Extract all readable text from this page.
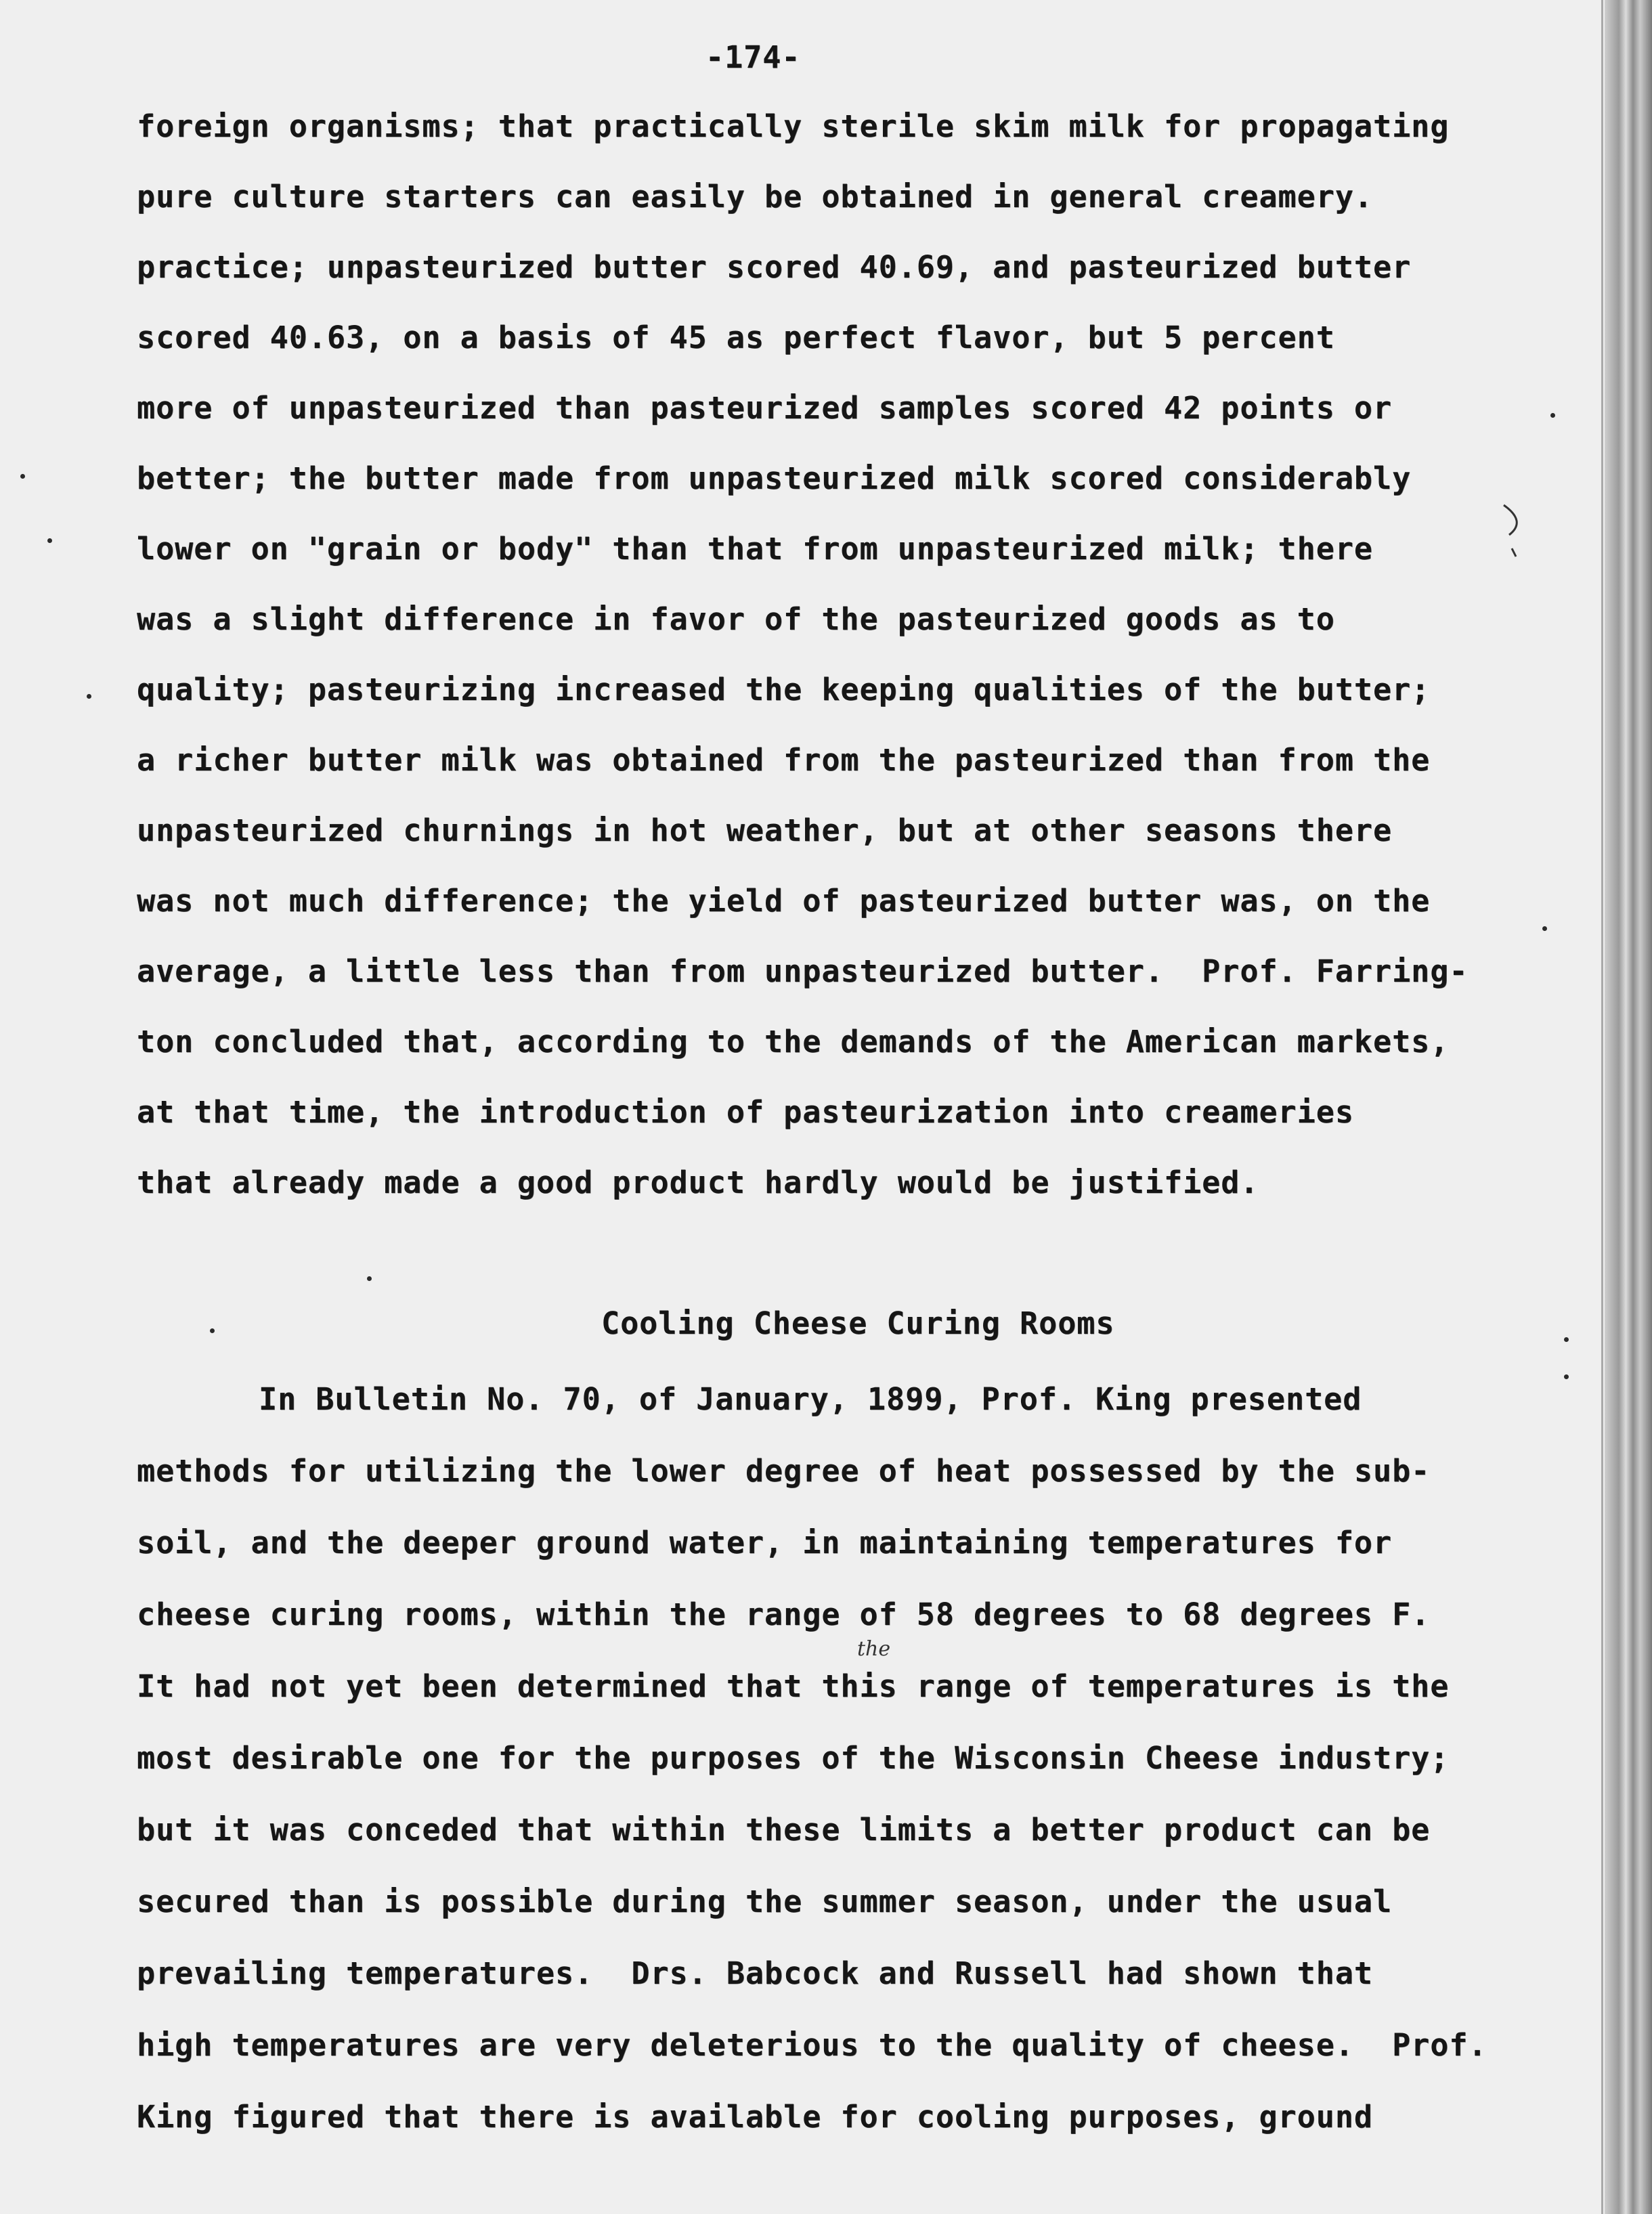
-174-
foreign organisms; that practically sterile skim milk for propagating
pure culture starters can easily be obtained in general creamery.
practice; unpasteurized butter scored 40.69, and pasteurized butter
scored 40.63, on a basis of 45 as perfect flavor, but 5 percent
more of unpasteurized than pasteurized samples scored 42 points or
better; the butter made from unpasteurized milk scored considerably
lower on "grain or body" than that from unpasteurized milk; there
was a slight difference in favor of the pasteurized goods as to
quality; pasteurizing increased the keeping qualities of the butter;
a richer butter milk was obtained from the pasteurized than from the
unpasteurized churnings in hot weather, but at other seasons there
was not much difference; the yield of pasteurized butter was, on the
average, a little less than from unpasteurized butter.  Prof. Farring-
ton concluded that, according to the demands of the American markets,
at that time, the introduction of pasteurization into creameries
that already made a good product hardly would be justified.
Cooling Cheese Curing Rooms
In Bulletin No. 70, of January, 1899, Prof. King presented
methods for utilizing the lower degree of heat possessed by the sub-
soil, and the deeper ground water, in maintaining temperatures for
cheese curing rooms, within the range of 58 degrees to 68 degrees F.
It had not yet been determined that this range of temperatures is the
most desirable one for the purposes of the Wisconsin Cheese industry;
but it was conceded that within these limits a better product can be
secured than is possible during the summer season, under the usual
prevailing temperatures.  Drs. Babcock and Russell had shown that
high temperatures are very deleterious to the quality of cheese.  Prof.
King figured that there is available for cooling purposes, ground
the
